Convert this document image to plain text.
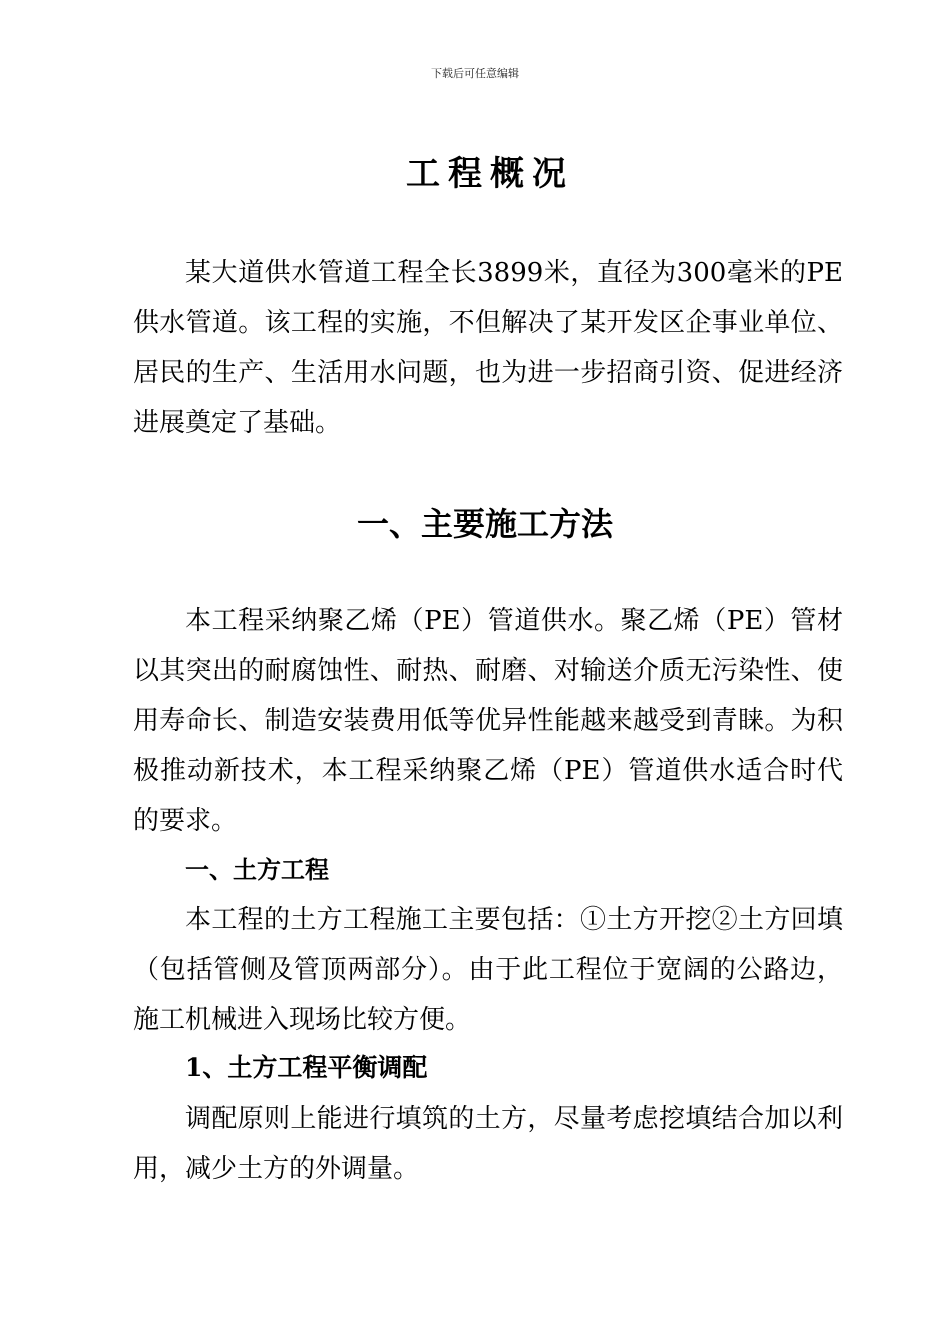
下载后可任意编辑
工程概况

某大道供水管道工程全长3899米，直径为300毫米的PE供水管道。该工程的实施，不但解决了某开发区企事业单位、居民的生产、生活用水问题，也为进一步招商引资、促进经济进展奠定了基础。

一、主要施工方法

本工程采纳聚乙烯（PE）管道供水。聚乙烯（PE）管材以其突出的耐腐蚀性、耐热、耐磨、对输送介质无污染性、使用寿命长、制造安装费用低等优异性能越来越受到青睐。为积极推动新技术，本工程采纳聚乙烯（PE）管道供水适合时代的要求。

一、土方工程

本工程的土方工程施工主要包括：①土方开挖②土方回填（包括管侧及管顶两部分）。由于此工程位于宽阔的公路边，施工机械进入现场比较方便。

1、土方工程平衡调配

调配原则上能进行填筑的土方，尽量考虑挖填结合加以利用，减少土方的外调量。
